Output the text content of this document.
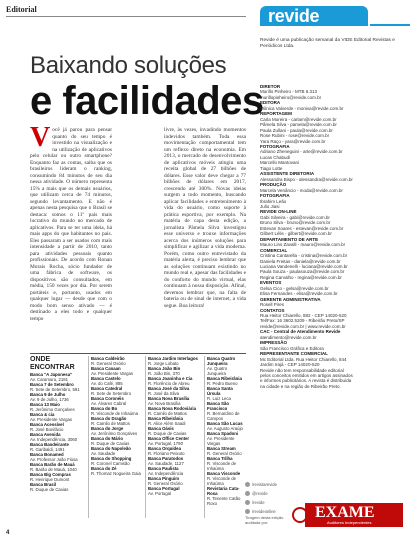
Editorial
Baixando soluções
e facilidades
Você já parou para pensar quanto do seu tempo é investido na visualização e na utilização de aplicativos pelo celular ou outro smartphone? Enquanto faz as contas, saiba que os brasileiros lideram o ranking, consumindo 84 minutos de seu dia nessa atividade. O número representa 15% a mais que os demais usuários, que utilizam cerca de 74 minutos, segundo levantamento. E não é apenas nesta pesquisa que o Brasil se destaca: somos o 11º país mais lucrativo do mundo no mercado de aplicativos. Para se ter uma ideia, há mais apps do que habitantes no país. Eles passaram a ser usados com mais intensidade a partir de 2010, tanto para atividades pessoais quanto profissionais. De acordo com Ronan Morais Rocha, sócio fundador de uma fábrica de software, os dispositivos são consultados, em média, 150 vezes por dia. Por serem portáteis e, portanto, usados em qualquer lugar — desde que com o modo bom senso ativado — é destinado a eles todo e qualquer tempo
livre, às vezes, invadindo momentos indevidos também. Toda essa movimentação comportamental tem um reflexo direto na economia. Em 2013, o mercado de desenvolvimento de aplicativos móveis atingiu uma receita global de 27 bilhões de dólares. Esse valor deve chegar a 77 bilhões de dólares em 2017, crescendo até 300%. Novas ideias surgem a todo momento, buscando aplicar facilidades e entretenimento à vida do usuário, como suporte à prática esportiva, por exemplo. Na matéria de capa desta edição, a jornalista Pâmela Silva investigou esse universo e trouxe informações acerca dos inúmeros soluções para simplificar e agilizar a vida moderna. Porém, como outro entrevistado da matéria alerta, é preciso lembrar que as soluções continuam existindo no mundo real e, apesar das facilidades e do conforto do mundo virtual, elas continuam à nossa disposição. Afinal, devemos lembrar que, na falta de bateria ou de sinal de internet, a vida segue. Boa leitura!
ONDE ENCONTRAR
Banca "A Japonesa"
Av. Caramuru, 2181
Banca 7 de Setembro
R. Sete de Setembro, 591
Banca 9 de Julho
Av. 9 de Julho, 1736
Banca 13 Maio
R. Jerônimo Gonçalves
Banca & cia
Av. Presidente Vargas
Banca Acessível
R. José Bonifácio
Banca Avenida
Av. Independência, 3060
Banca Bandeirante
R. Garibaldi, 1491
Banca Bonamed
Av. Professor João Fiúsa
Banca Barão de Mauá
R. Barão de Mauá, 1040
Banca Big Compras
R. Henrique Dumont
Banca Brasil
R. Duque de Caxias
Banca Caldeirão
R. General Osório
Banca Canaan
Av. Presidente Vargas
Banca Castelo
Av. do Café, 885
Banca Catedral
R. Sete de Setembro
Banca Coronéis
Av. Álvares Cabral
Banca do Bo
R. Visconde de Inhaúma
Banca do Dragão
R. Camilo de Mattos
Banca do Jorge
Av. Jerônimo Gonçalves
Banca do Mário
R. Duque de Caxias
Banca do Napoleão
Av. Saudade
Banca do Shopping
R. Coronel Camisão
Banca do Zé
R. Thomaz Nogueira Gaia
Banca Jardim Interlagos
R. Jorge Lobato
Banca João Bin
R. João Bin, 370
Banca Joaninha e Cia
R. Florêncio de Abreu
Banca José da Silva
R. José da Silva
Banca Nova Brasília
Av. Nova Brasília
Banca Nova Rodoviária
R. Camilo de Mattos
Banca Ribeirânia
R. Alice Além Saadi
Banca Oásis
R. Duque de Caxias
Banca Office Center
Av. Portugal, 1790
Banca Orquídea
R. Floriano Peixoto
Banca Paratodos
Av. Saudade, 1127
Banca Paulista
Av. Independência
Banca Pinguim
R. General Osório
Banca Portugal
Av. Portugal
Banca Quatro Junqueira
Av. Quatro Junqueira
Banca Ribeirânia
R. Pedro Bueno
Banca Santa Úrsula
R. Luiz Leca
Banca São Francisco
R. Bernardino de Campos
Banca São Lucas
Av. Augusto Araújo
Banca Spadoni
Av. Presidente Vargas
Banca Stream
R. General Osório
Banca Trilha
R. Visconde de Inhaúma
Banca Visconde
R. Visconde de Inhaúma
Revistaria Cata-Rosa
R. Tenente Catão Roxo
/revistarevide
@revide
/revide
/revideonline
Tiragem desta edição auditada por:
4
revide
Revide é uma publicação semanal da VIDE Editorial Revistas e Periódicos Ltda.
DIRETOR
Murillo Pinheiro - MTB 6.313
murillopinheiro@revide.com.br
EDITORA
Mônica Valverde - moniva@revide.com.br
REPORTAGEM
Carla Moreira - carlam@revide.com.br
Pâmela Silva - pamela@revide.com.br
Paula Zullani - paula@revide.com.br
Rose Rubini - rose@revide.com.br
Yara Raço - yara@revide.com.br
FOTOGRAFIA
Adriano Zheneguini - arte@revide.com.br
Lucas Chabudi
Marcello Mantovani
Tiago Lotte
ASSISTENTE DIRETORIA
Alessandra Bispo - alessandra@revide.com.br
PRODUÇÃO
Marcela Venâncio - moda@revide.com.br
FOTOGRAFIA
Ibrahim Leão
Julio Jiasi
REVIDE ON-LINE
Gabi Silveira - gabi@revide.com.br
Bruno Silva - bruno@revide.com.br
Estevan Soares - estevan@revide.com.br
Gilbert Lélis - gilbert@revide.com.br
DEPARTAMENTO DE ARTE
Mauro Lins Zavalli - mauro@revide.com.br
COMERCIAL
Cristina Cantarella - cristina@revide.com.br
Daniela Freitas - daniela@revide.com.br
Luciana Vandenelli - luciana@revide.com.br
Paula Souza - paulasouza@revide.com.br
Regina Carvalho - regina@revide.com.br
EVENTOS
Gelsa Cico - gelsa@revide.com.br
Elisa Fernandes - elisa@revide.com.br
GERENTE ADMINISTRATIVA
Rosell Pires
CONTATOS
Rua Heitor Chiarello, 882 - CEP 14020-520
Tel/Fax: 16 3602.5209 - Ribeirão Preto/SP
revide@revide.com.br | www.revide.com.br
CAC - Central de Atendimento Revide
atendimento@revide.com.br
IMPRESSÃO
São Francisco Gráfica e Editora
REPRESENTANTE COMERCIAL
Mc Editorial Ltda. Rua Heitor Chiarello, 844
Jardim Irajá - CEP 14020-520
Revide não tem responsabilidade editorial
pelos conceitos emitidos em artigos assinados
e informes publicitários. A revista é distribuída
na cidade e na região de Ribeirão Preto.
EXAME
Auditores Independentes
